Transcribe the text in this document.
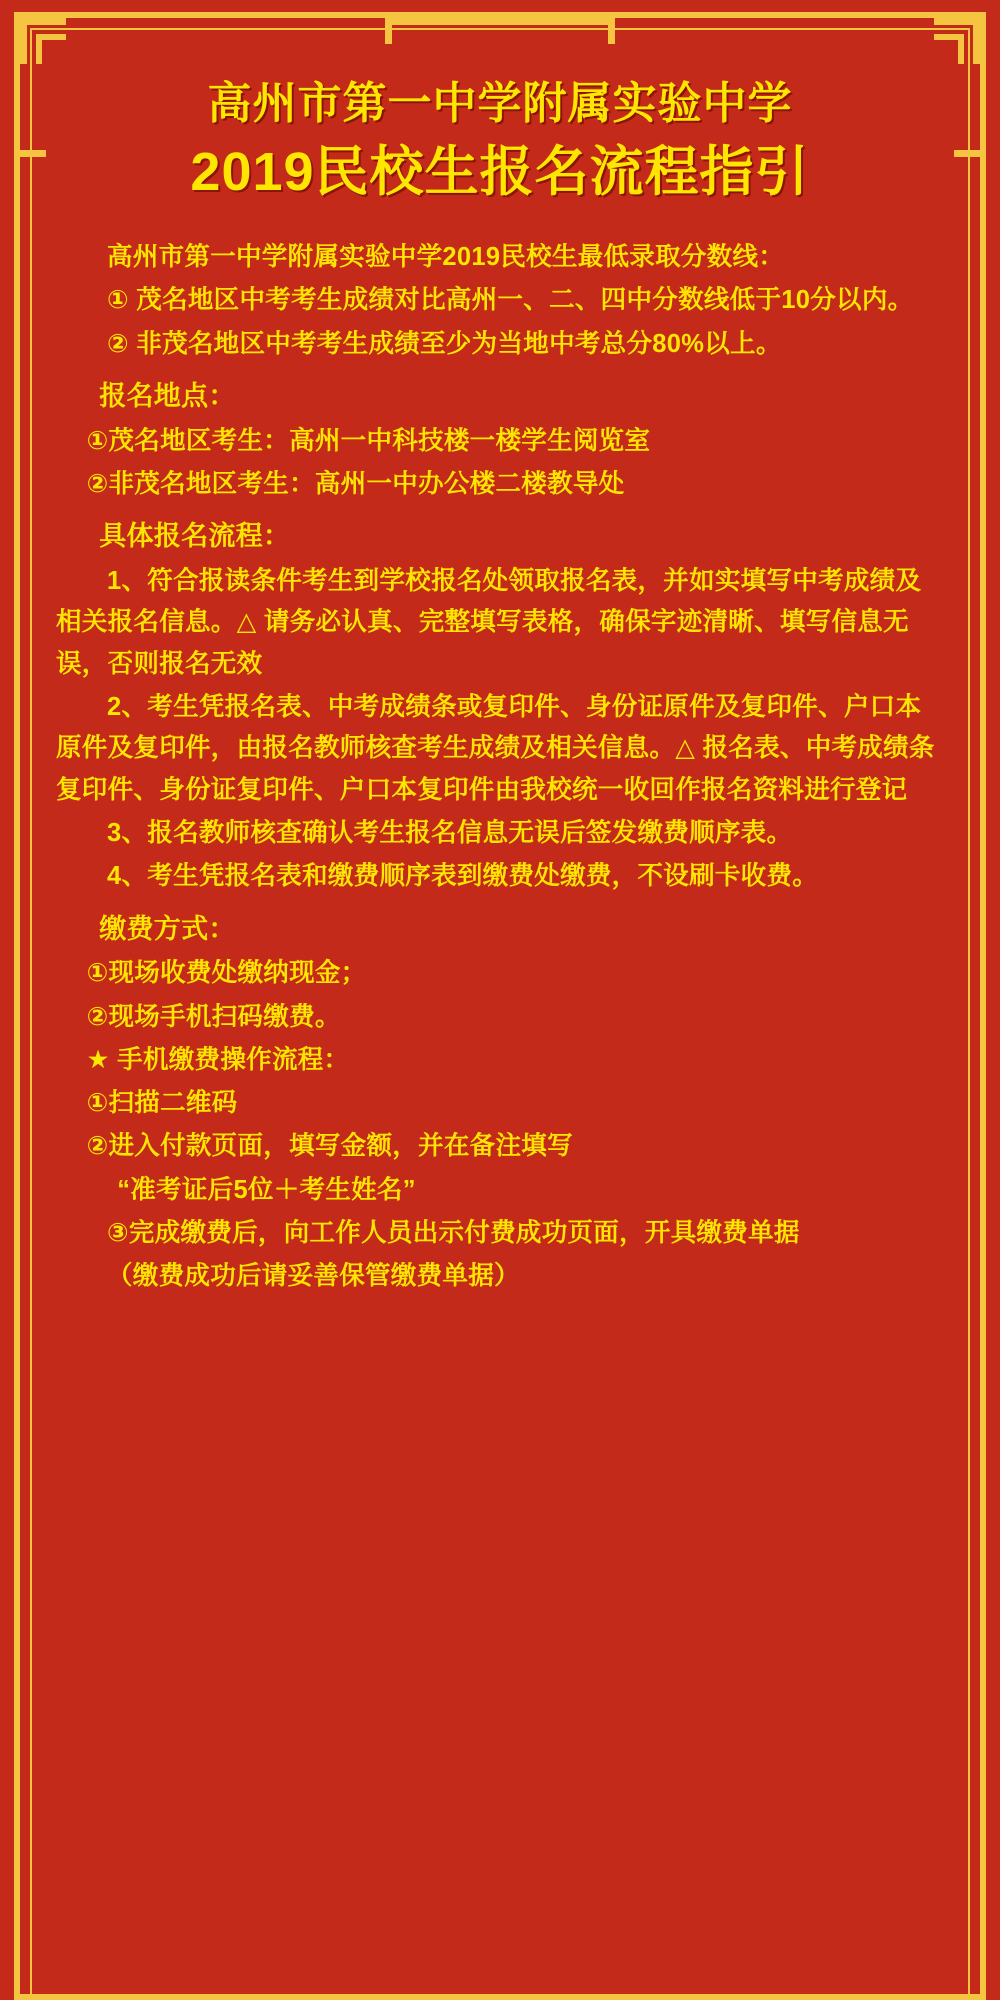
高州市第一中学附属实验中学
2019民校生报名流程指引

高州市第一中学附属实验中学2019民校生最低录取分数线：

① 茂名地区中考考生成绩对比高州一、二、四中分数线低于10分以内。

② 非茂名地区中考考生成绩至少为当地中考总分80%以上。

报名地点：

①茂名地区考生：高州一中科技楼一楼学生阅览室

②非茂名地区考生：高州一中办公楼二楼教导处

具体报名流程：

1、符合报读条件考生到学校报名处领取报名表，并如实填写中考成绩及相关报名信息。△ 请务必认真、完整填写表格，确保字迹清晰、填写信息无误，否则报名无效

2、考生凭报名表、中考成绩条或复印件、身份证原件及复印件、户口本原件及复印件，由报名教师核查考生成绩及相关信息。△ 报名表、中考成绩条复印件、身份证复印件、户口本复印件由我校统一收回作报名资料进行登记

3、报名教师核查确认考生报名信息无误后签发缴费顺序表。

4、考生凭报名表和缴费顺序表到缴费处缴费，不设刷卡收费。

缴费方式：

①现场收费处缴纳现金；

②现场手机扫码缴费。

★ 手机缴费操作流程：

①扫描二维码

②进入付款页面，填写金额，并在备注填写

“准考证后5位＋考生姓名”

③完成缴费后，向工作人员出示付费成功页面，开具缴费单据

（缴费成功后请妥善保管缴费单据）
